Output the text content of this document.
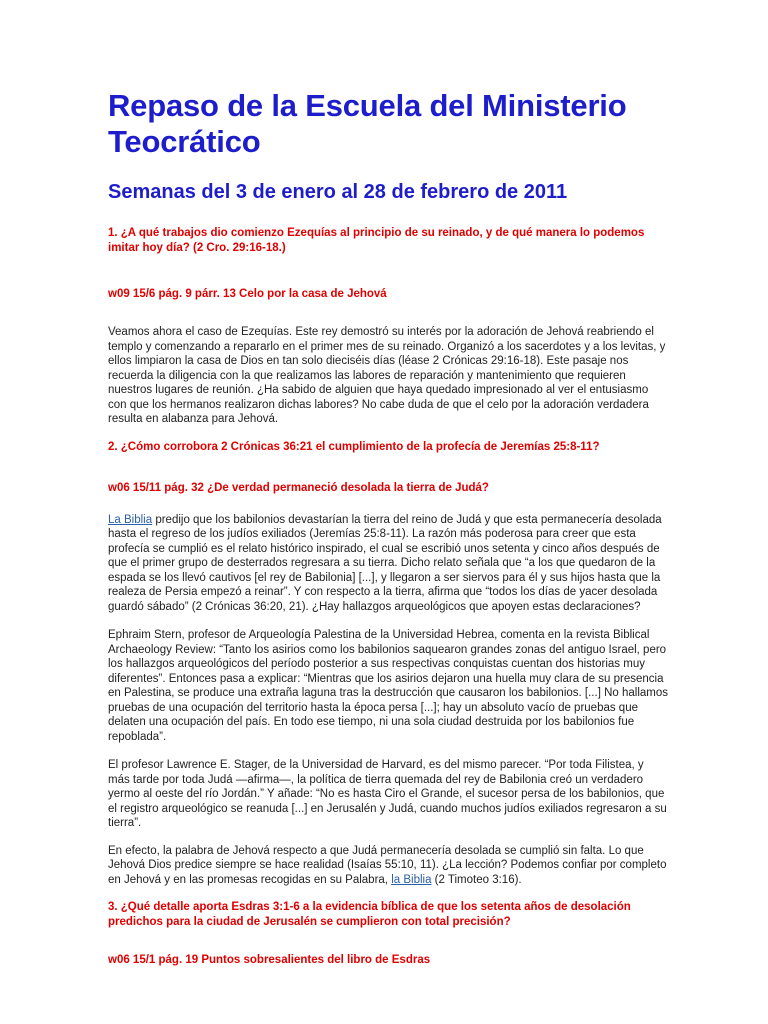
Repaso de la Escuela del Ministerio Teocrático
Semanas del 3 de enero al 28 de febrero de 2011

1. ¿A qué trabajos dio comienzo Ezequías al principio de su reinado, y de qué manera lo podemos imitar hoy día? (2 Cro. 29:16-18.)

w09 15/6 pág. 9 párr. 13 Celo por la casa de Jehová

Veamos ahora el caso de Ezequías. Este rey demostró su interés por la adoración de Jehová reabriendo el templo y comenzando a repararlo en el primer mes de su reinado. Organizó a los sacerdotes y a los levitas, y ellos limpiaron la casa de Dios en tan solo dieciséis días (léase 2 Crónicas 29:16-18). Este pasaje nos recuerda la diligencia con la que realizamos las labores de reparación y mantenimiento que requieren nuestros lugares de reunión. ¿Ha sabido de alguien que haya quedado impresionado al ver el entusiasmo con que los hermanos realizaron dichas labores? No cabe duda de que el celo por la adoración verdadera resulta en alabanza para Jehová.

2. ¿Cómo corrobora 2 Crónicas 36:21 el cumplimiento de la profecía de Jeremías 25:8-11?

w06 15/11 pág. 32 ¿De verdad permaneció desolada la tierra de Judá?

La Biblia predijo que los babilonios devastarían la tierra del reino de Judá y que esta permanecería desolada hasta el regreso de los judíos exiliados (Jeremías 25:8-11). La razón más poderosa para creer que esta profecía se cumplió es el relato histórico inspirado, el cual se escribió unos setenta y cinco años después de que el primer grupo de desterrados regresara a su tierra. Dicho relato señala que “a los que quedaron de la espada se los llevó cautivos [el rey de Babilonia] [...], y llegaron a ser siervos para él y sus hijos hasta que la realeza de Persia empezó a reinar”. Y con respecto a la tierra, afirma que “todos los días de yacer desolada guardó sábado” (2 Crónicas 36:20, 21). ¿Hay hallazgos arqueológicos que apoyen estas declaraciones?

Ephraim Stern, profesor de Arqueología Palestina de la Universidad Hebrea, comenta en la revista Biblical Archaeology Review: “Tanto los asirios como los babilonios saquearon grandes zonas del antiguo Israel, pero los hallazgos arqueológicos del período posterior a sus respectivas conquistas cuentan dos historias muy diferentes”. Entonces pasa a explicar: “Mientras que los asirios dejaron una huella muy clara de su presencia en Palestina, se produce una extraña laguna tras la destrucción que causaron los babilonios. [...] No hallamos pruebas de una ocupación del territorio hasta la época persa [...]; hay un absoluto vacío de pruebas que delaten una ocupación del país. En todo ese tiempo, ni una sola ciudad destruida por los babilonios fue repoblada”.

El profesor Lawrence E. Stager, de la Universidad de Harvard, es del mismo parecer. “Por toda Filistea, y más tarde por toda Judá —afirma—, la política de tierra quemada del rey de Babilonia creó un verdadero yermo al oeste del río Jordán.” Y añade: “No es hasta Ciro el Grande, el sucesor persa de los babilonios, que el registro arqueológico se reanuda [...] en Jerusalén y Judá, cuando muchos judíos exiliados regresaron a su tierra”.

En efecto, la palabra de Jehová respecto a que Judá permanecería desolada se cumplió sin falta. Lo que Jehová Dios predice siempre se hace realidad (Isaías 55:10, 11). ¿La lección? Podemos confiar por completo en Jehová y en las promesas recogidas en su Palabra, la Biblia (2 Timoteo 3:16).

3. ¿Qué detalle aporta Esdras 3:1-6 a la evidencia bíblica de que los setenta años de desolación predichos para la ciudad de Jerusalén se cumplieron con total precisión?

w06 15/1 pág. 19 Puntos sobresalientes del libro de Esdras
